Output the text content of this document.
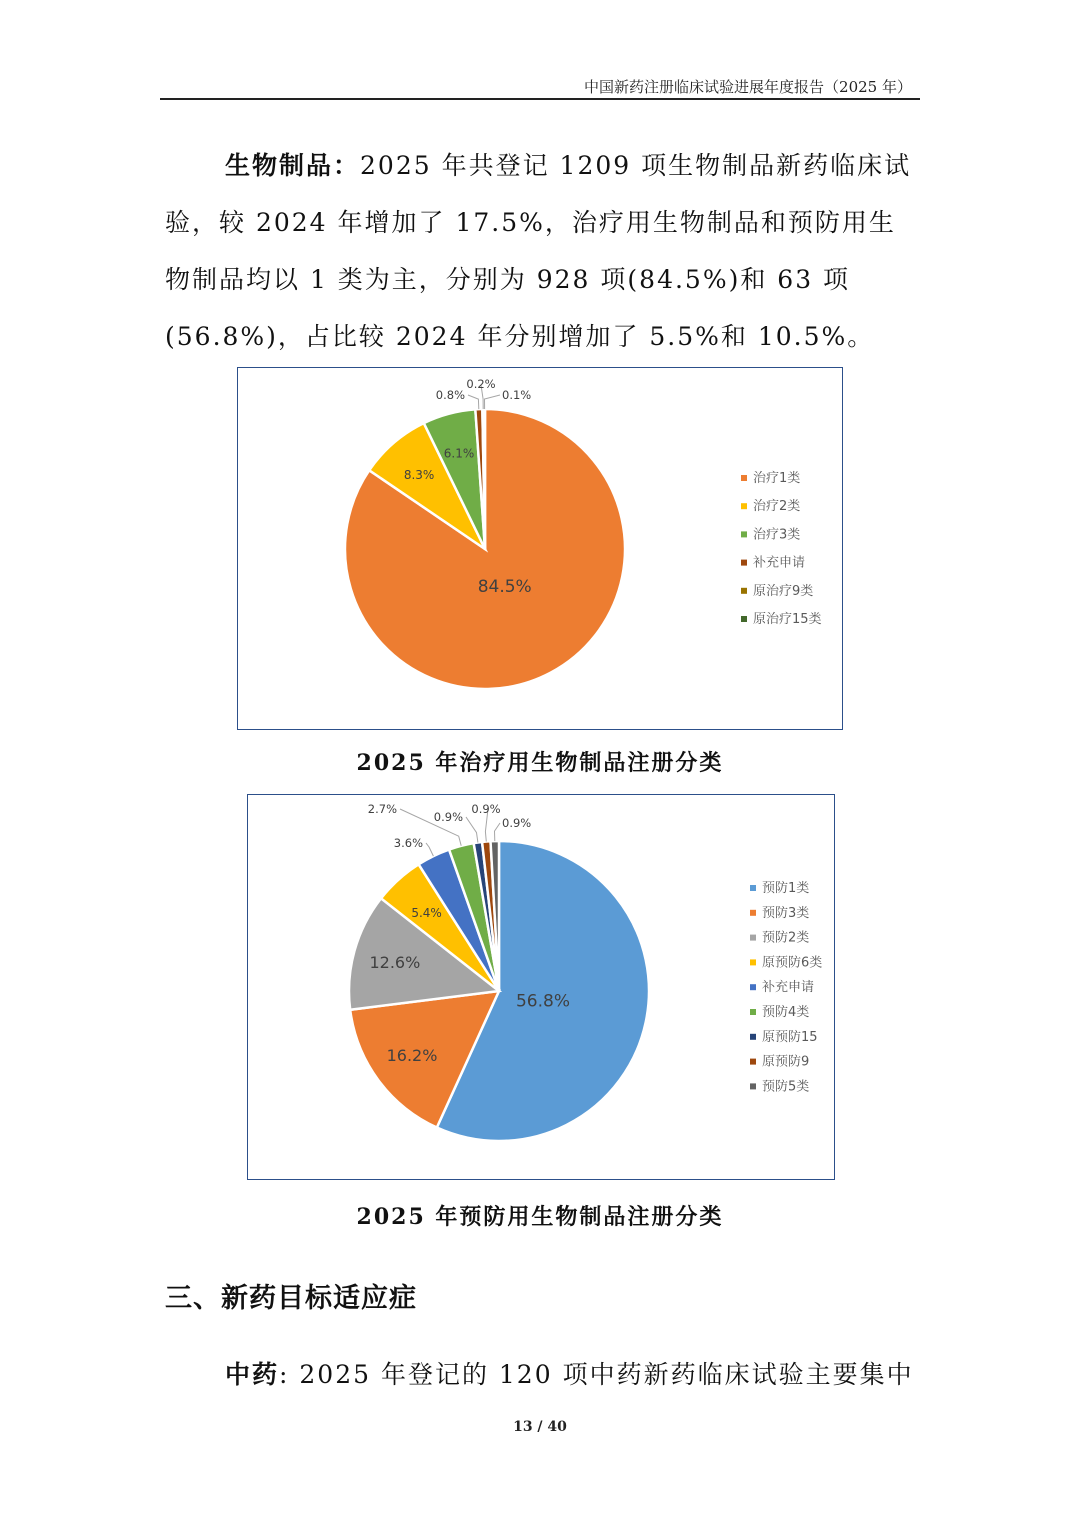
中国新药注册临床试验进展年度报告（2025 年）
生物制品：2025 年共登记 1209 项生物制品新药临床试验，较 2024 年增加了 17.5%，治疗用生物制品和预防用生物制品均以 1 类为主，分别为 928 项(84.5%)和 63 项(56.8%)，占比较 2024 年分别增加了 5.5%和 10.5%。
84.5%
8.3%
6.1%
0.8%
0.2%
0.1%
治疗1类
治疗2类
治疗3类
补充申请
原治疗9类
原治疗15类
2025 年治疗用生物制品注册分类
56.8%
16.2%
12.6%
5.4%
3.6%
2.7%
0.9%
0.9%
0.9%
预防1类
预防3类
预防2类
原预防6类
补充申请
预防4类
原预防15
原预防9
预防5类
2025 年预防用生物制品注册分类
三、新药目标适应症
中药: 2025 年登记的 120 项中药新药临床试验主要集中
13 / 40
